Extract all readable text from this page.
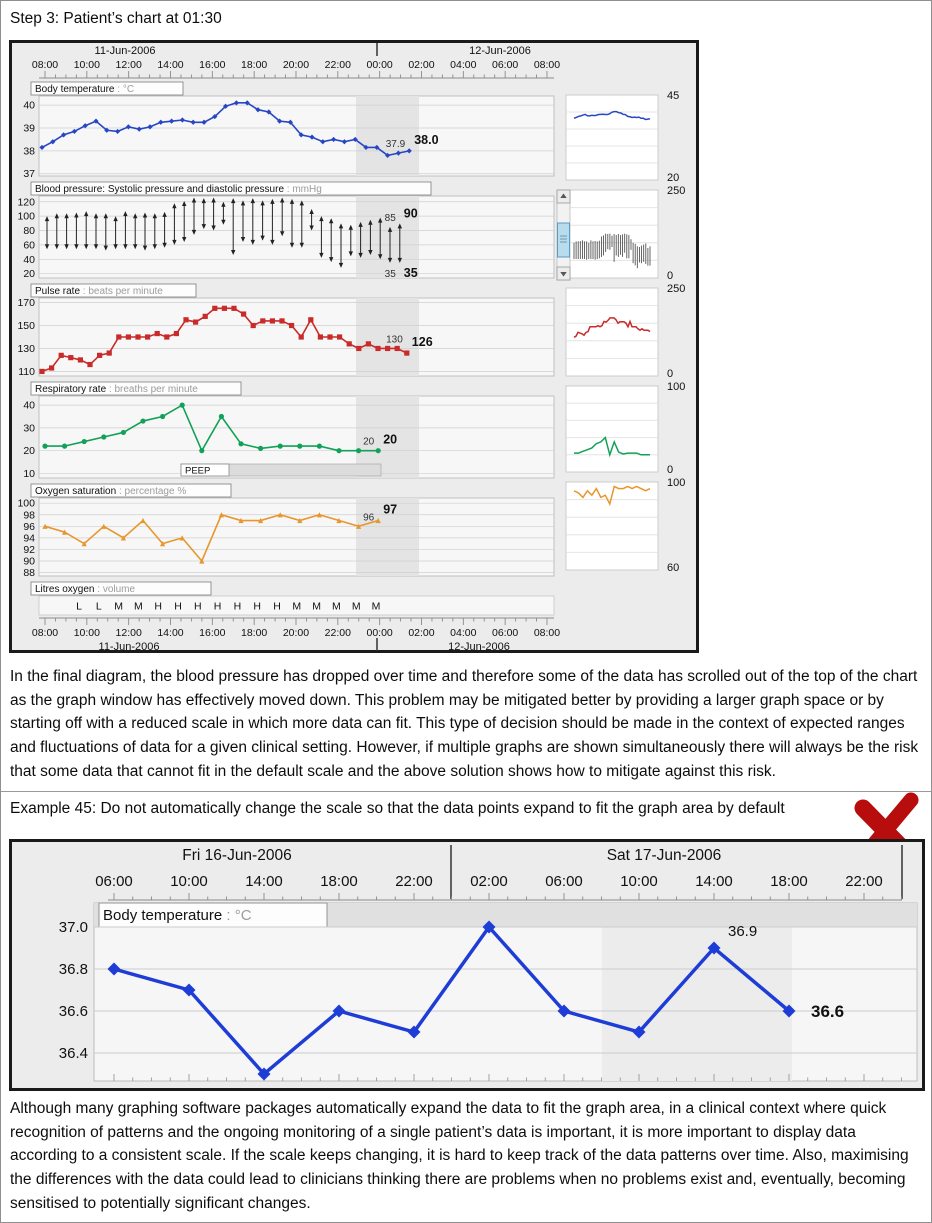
Step 3: Patient’s chart at 01:30
11-Jun-2006	12-Jun-2006
08:00 10:00 12:00 14:00 16:00 18:00 20:00 22:00 00:00 02:00 04:00 06:00 08:00
40
39
38
37
37.9 38.0
Body temperature : °C
45
20
120
100
80
60
40
20
85 90
35 35
Blood pressure: Systolic pressure and diastolic pressure : mmHg	250
0
170
150
130
110
130 126
Pulse rate : beats per minute	250
0
40
30
20
10
20 20
PEEP
Respiratory rate : breaths per minute	100
0
100
98
96
94
92
90
88
96
97
Oxygen saturation : percentage %
100
60
L L M M H H H H H H H M M M M M
Litres oxygen : volume
08:00 10:00 12:00 14:00 16:00 18:00 20:00 22:00 00:00 02:00 04:00 06:00 08:00
11-Jun-2006	12-Jun-2006
In the final diagram, the blood pressure has dropped over time and therefore some of the data has scrolled out of the top of the chart as the graph window has effectively moved down. This problem may be mitigated better by providing a larger graph space or by starting off with a reduced scale in which more data can fit. This type of decision should be made in the context of expected ranges and fluctuations of data for a given clinical setting. However, if multiple graphs are shown simultaneously there will always be the risk that some data that cannot fit in the default scale and the above solution shows how to mitigate against this risk.
Example 45: Do not automatically change the scale so that the data points expand to fit the graph area by default
Fri 16-Jun-2006	Sat 17-Jun-2006
06:00 10:00 14:00 18:00 22:00 02:00 06:00 10:00 14:00 18:00 22:00
Body temperature : °C
37.0
36.8
36.6
36.4
36.9
36.6
Although many graphing software packages automatically expand the data to fit the graph area, in a clinical context where quick recognition of patterns and the ongoing monitoring of a single patient’s data is important, it is more important to display data according to a consistent scale. If the scale keeps changing, it is hard to keep track of the data patterns over time. Also, maximising the differences with the data could lead to clinicians thinking there are problems when no problems exist and, eventually, becoming sensitised to potentially significant changes.
